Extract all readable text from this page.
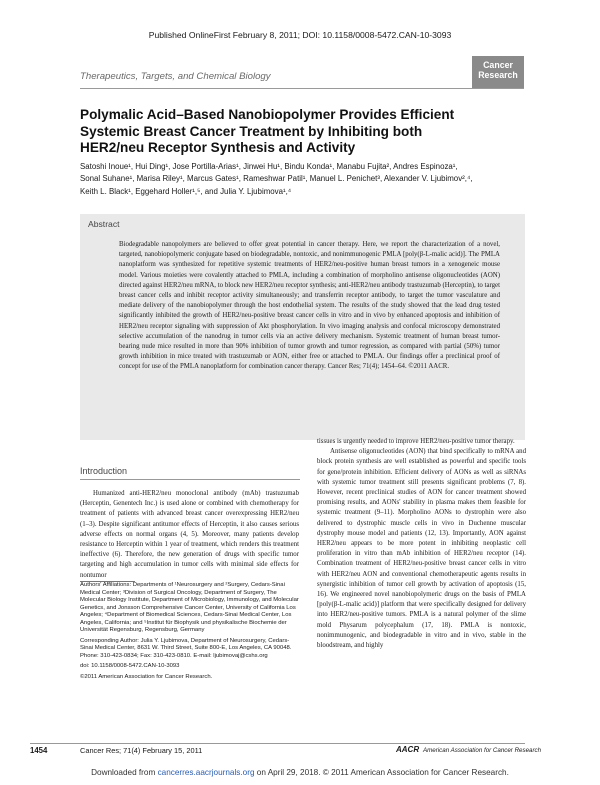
Published OnlineFirst February 8, 2011; DOI: 10.1158/0008-5472.CAN-10-3093
Therapeutics, Targets, and Chemical Biology
Cancer
Research
Polymalic Acid–Based Nanobiopolymer Provides Efficient Systemic Breast Cancer Treatment by Inhibiting both HER2/neu Receptor Synthesis and Activity
Satoshi Inoue¹, Hui Ding¹, Jose Portilla-Arias¹, Jinwei Hu¹, Bindu Konda¹, Manabu Fujita², Andres Espinoza¹,
Sonal Suhane¹, Marisa Riley¹, Marcus Gates¹, Rameshwar Patil¹, Manuel L. Penichet³, Alexander V. Ljubimov²,⁴,
Keith L. Black¹, Eggehard Holler¹,⁵, and Julia Y. Ljubimova¹,⁴
Abstract
Biodegradable nanopolymers are believed to offer great potential in cancer therapy. Here, we report the characterization of a novel, targeted, nanobiopolymeric conjugate based on biodegradable, nontoxic, and nonimmunogenic PMLA [poly(β-L-malic acid)]. The PMLA nanoplatform was synthesized for repetitive systemic treatments of HER2/neu-positive human breast tumors in a xenogeneic mouse model. Various moieties were covalently attached to PMLA, including a combination of morpholino antisense oligonucleotides (AON) directed against HER2/neu mRNA, to block new HER2/neu receptor synthesis; anti-HER2/neu antibody trastuzumab (Herceptin), to target breast cancer cells and inhibit receptor activity simultaneously; and transferrin receptor antibody, to target the tumor vasculature and mediate delivery of the nanobiopolymer through the host endothelial system. The results of the study showed that the lead drug tested significantly inhibited the growth of HER2/neu-positive breast cancer cells in vitro and in vivo by enhanced apoptosis and inhibition of HER2/neu receptor signaling with suppression of Akt phosphorylation. In vivo imaging analysis and confocal microscopy demonstrated selective accumulation of the nanodrug in tumor cells via an active delivery mechanism. Systemic treatment of human breast tumor-bearing nude mice resulted in more than 90% inhibition of tumor growth and tumor regression, as compared with partial (50%) tumor growth inhibition in mice treated with trastuzumab or AON, either free or attached to PMLA. Our findings offer a preclinical proof of concept for use of the PMLA nanoplatform for combination cancer therapy. Cancer Res; 71(4); 1454–64. ©2011 AACR.
Introduction

Humanized anti-HER2/neu monoclonal antibody (mAb) trastuzumab (Herceptin, Genentech Inc.) is used alone or combined with chemotherapy for treatment of patients with advanced breast cancer overexpressing HER2/neu (1–3). Despite significant antitumor effects of Herceptin, it also causes serious adverse effects on normal organs (4, 5). Moreover, many patients develop resistance to Herceptin within 1 year of treatment, which renders this treatment ineffective (6). Therefore, the new generation of drugs with specific tumor targeting and high accumulation in tumor cells with minimal side effects for nontumor

Authors' Affiliations: Departments of ¹Neurosurgery and ²Surgery, Cedars-Sinai Medical Center; ³Division of Surgical Oncology, Department of Surgery, The Molecular Biology Institute, Department of Microbiology, Immunology, and Molecular Genetics, and Jonsson Comprehensive Cancer Center, University of California Los Angeles; ⁴Department of Biomedical Sciences, Cedars-Sinai Medical Center, Los Angeles, California; and ⁵Institut für Biophysik und physikalische Biochemie der Universität Regensburg, Regensburg, Germany

Corresponding Author: Julia Y. Ljubimova, Department of Neurosurgery, Cedars-Sinai Medical Center, 8631 W. Third Street, Suite 800-E, Los Angeles, CA 90048. Phone: 310-423-0834; Fax: 310-423-0810. E-mail: ljubimovaj@cshs.org

doi: 10.1158/0008-5472.CAN-10-3093

©2011 American Association for Cancer Research.

tissues is urgently needed to improve HER2/neu-positive tumor therapy.

Antisense oligonucleotides (AON) that bind specifically to mRNA and block protein synthesis are well established as powerful and specific tools for gene/protein inhibition. Efficient delivery of AONs as well as siRNAs with systemic tumor treatment still presents significant problems (7, 8). However, recent preclinical studies of AON for cancer treatment showed promising results, and AONs' stability in plasma makes them feasible for systemic treatment (9–11). Morpholino AONs to dystrophin were also delivered to dystrophic muscle cells in vivo in Duchenne muscular dystrophy mouse model and patients (12, 13). Importantly, AON against HER2/neu appears to be more potent in inhibiting neoplastic cell proliferation in vitro than mAb inhibition of HER2/neu receptor (14). Combination treatment of HER2/neu-positive breast cancer cells in vitro with HER2/neu AON and conventional chemotherapeutic agents results in synergistic inhibition of tumor cell growth by activation of apoptosis (15, 16). We engineered novel nanobiopolymeric drugs on the basis of PMLA [poly(β-L-malic acid)] platform that were specifically designed for delivery into HER2/neu-positive tumors. PMLA is a natural polymer of the slime mold Physarum polycephalum (17, 18). PMLA is nontoxic, nonimmunogenic, and biodegradable in vitro and in vivo, stable in the bloodstream, and highly

1454	Cancer Res; 71(4) February 15, 2011	AACR American Association for Cancer Research
Downloaded from cancerres.aacrjournals.org on April 29, 2018. © 2011 American Association for Cancer Research.
